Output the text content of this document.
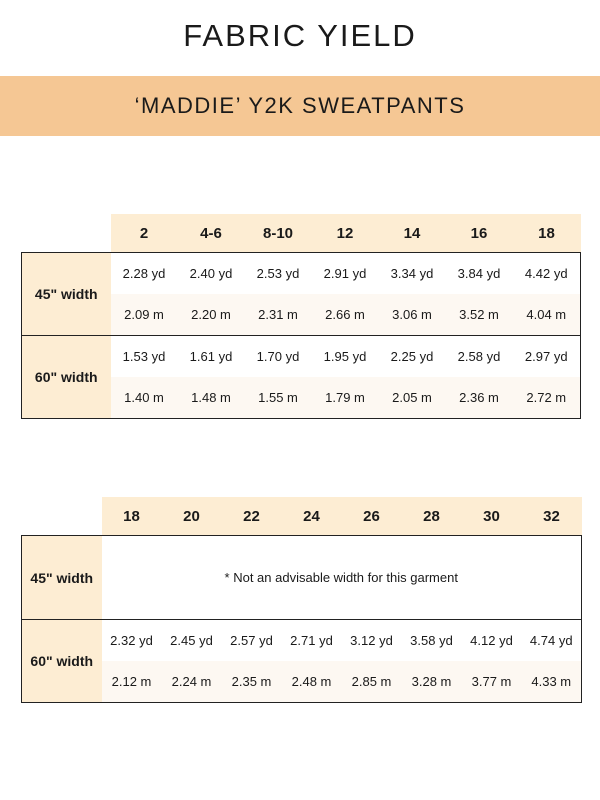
FABRIC YIELD
‘MADDIE’ Y2K SWEATPANTS
	2	4-6	8-10	12	14	16	18
45" width	2.28 yd	2.40 yd	2.53 yd	2.91 yd	3.34 yd	3.84 yd	4.42 yd
	2.09 m	2.20 m	2.31 m	2.66 m	3.06 m	3.52 m	4.04 m
60" width	1.53 yd	1.61 yd	1.70 yd	1.95 yd	2.25 yd	2.58 yd	2.97 yd
	1.40 m	1.48 m	1.55 m	1.79 m	2.05 m	2.36 m	2.72 m
	18	20	22	24	26	28	30	32
45" width	* Not an advisable width for this garment							
60" width	2.32 yd	2.45 yd	2.57 yd	2.71 yd	3.12 yd	3.58 yd	4.12 yd	4.74 yd
	2.12 m	2.24 m	2.35 m	2.48 m	2.85 m	3.28 m	3.77 m	4.33 m
